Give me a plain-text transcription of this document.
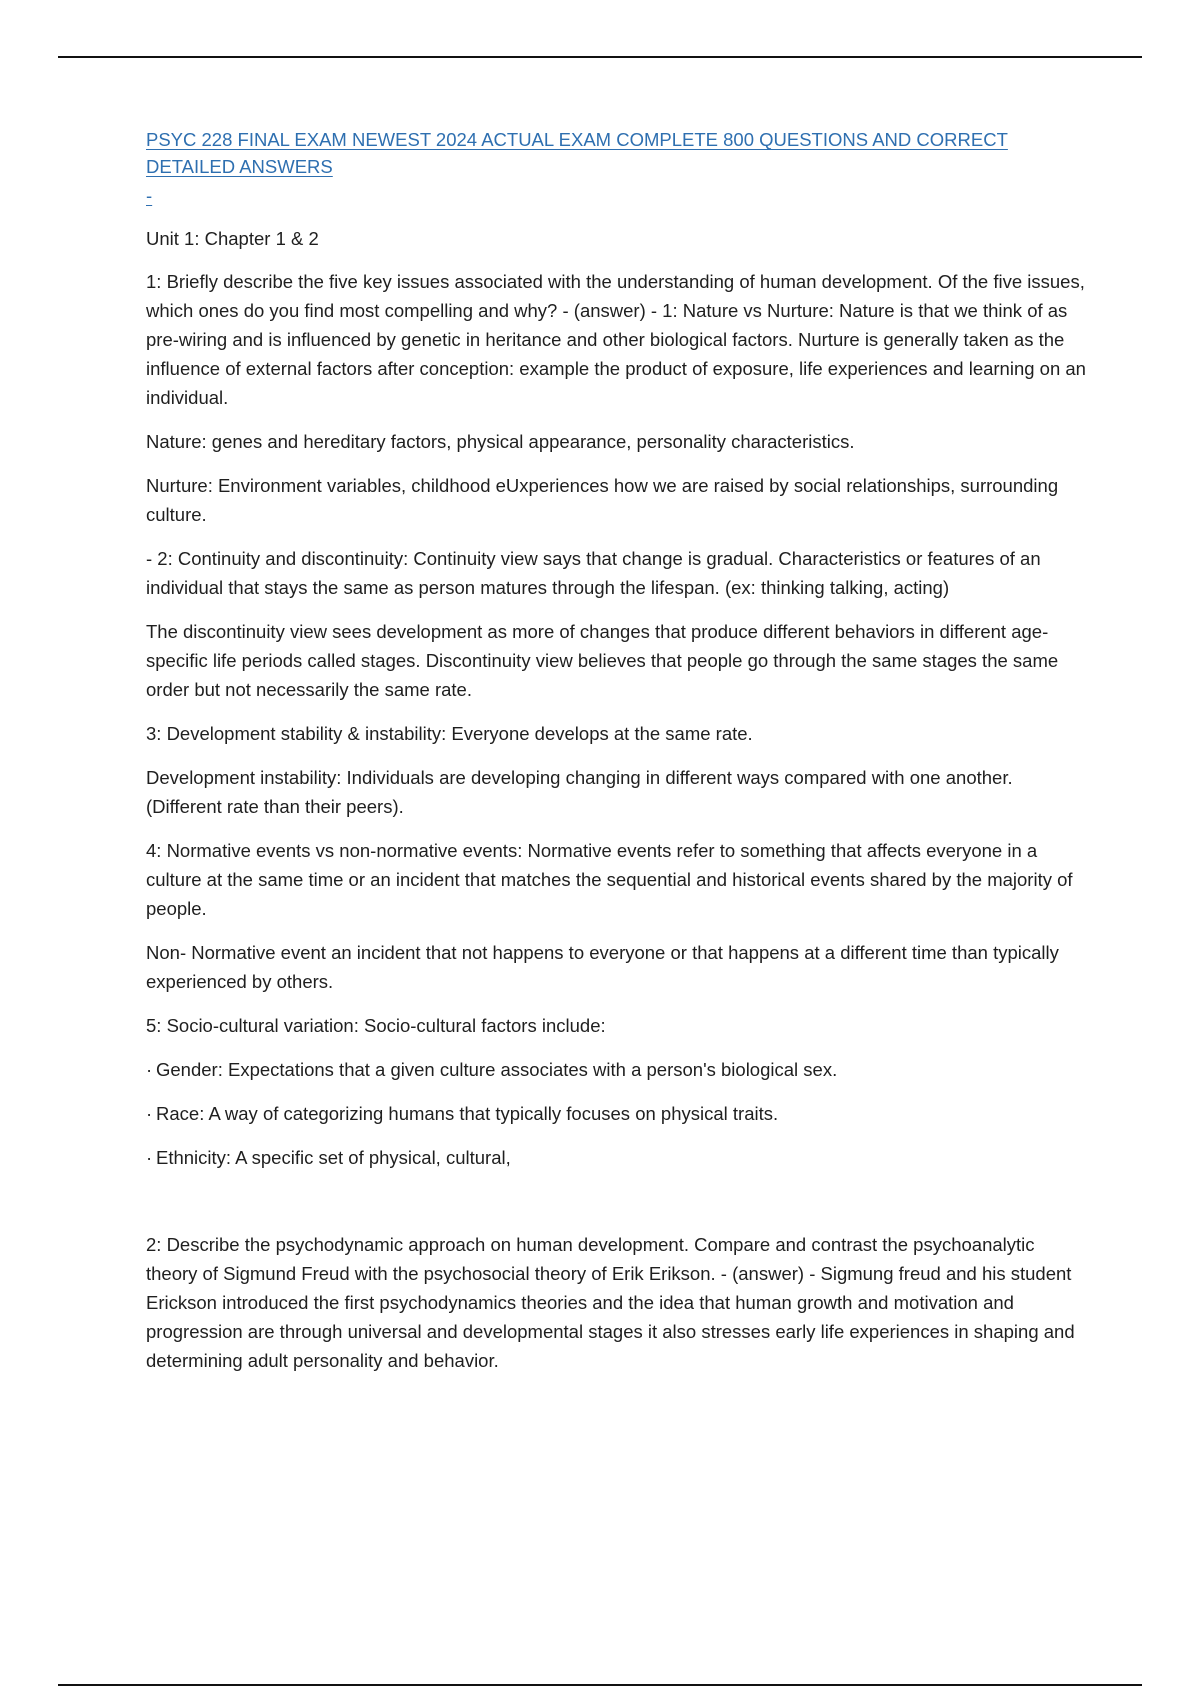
PSYC 228 FINAL EXAM NEWEST 2024 ACTUAL EXAM COMPLETE 800 QUESTIONS AND CORRECT DETAILED ANSWERS
-
Unit 1: Chapter 1 & 2

1: Briefly describe the five key issues associated with the understanding of human development. Of the five issues, which ones do you find most compelling and why? - (answer) - 1: Nature vs Nurture: Nature is that we think of as pre-wiring and is influenced by genetic in heritance and other biological factors. Nurture is generally taken as the influence of external factors after conception: example the product of exposure, life experiences and learning on an individual.

Nature: genes and hereditary factors, physical appearance, personality characteristics.

Nurture: Environment variables, childhood eUxperiences how we are raised by social relationships, surrounding culture.

- 2: Continuity and discontinuity: Continuity view says that change is gradual. Characteristics or features of an individual that stays the same as person matures through the lifespan. (ex: thinking talking, acting)

The discontinuity view sees development as more of changes that produce different behaviors in different age-specific life periods called stages. Discontinuity view believes that people go through the same stages the same order but not necessarily the same rate.

3: Development stability & instability: Everyone develops at the same rate.

Development instability: Individuals are developing changing in different ways compared with one another. (Different rate than their peers).

4: Normative events vs non-normative events: Normative events refer to something that affects everyone in a culture at the same time or an incident that matches the sequential and historical events shared by the majority of people.

Non- Normative event an incident that not happens to everyone or that happens at a different time than typically experienced by others.

5: Socio-cultural variation: Socio-cultural factors include:

· Gender: Expectations that a given culture associates with a person's biological sex.

· Race: A way of categorizing humans that typically focuses on physical traits.

· Ethnicity: A specific set of physical, cultural,

2: Describe the psychodynamic approach on human development. Compare and contrast the psychoanalytic theory of Sigmund Freud with the psychosocial theory of Erik Erikson. - (answer) - Sigmung freud and his student Erickson introduced the first psychodynamics theories and the idea that human growth and motivation and progression are through universal and developmental stages it also stresses early life experiences in shaping and determining adult personality and behavior.
